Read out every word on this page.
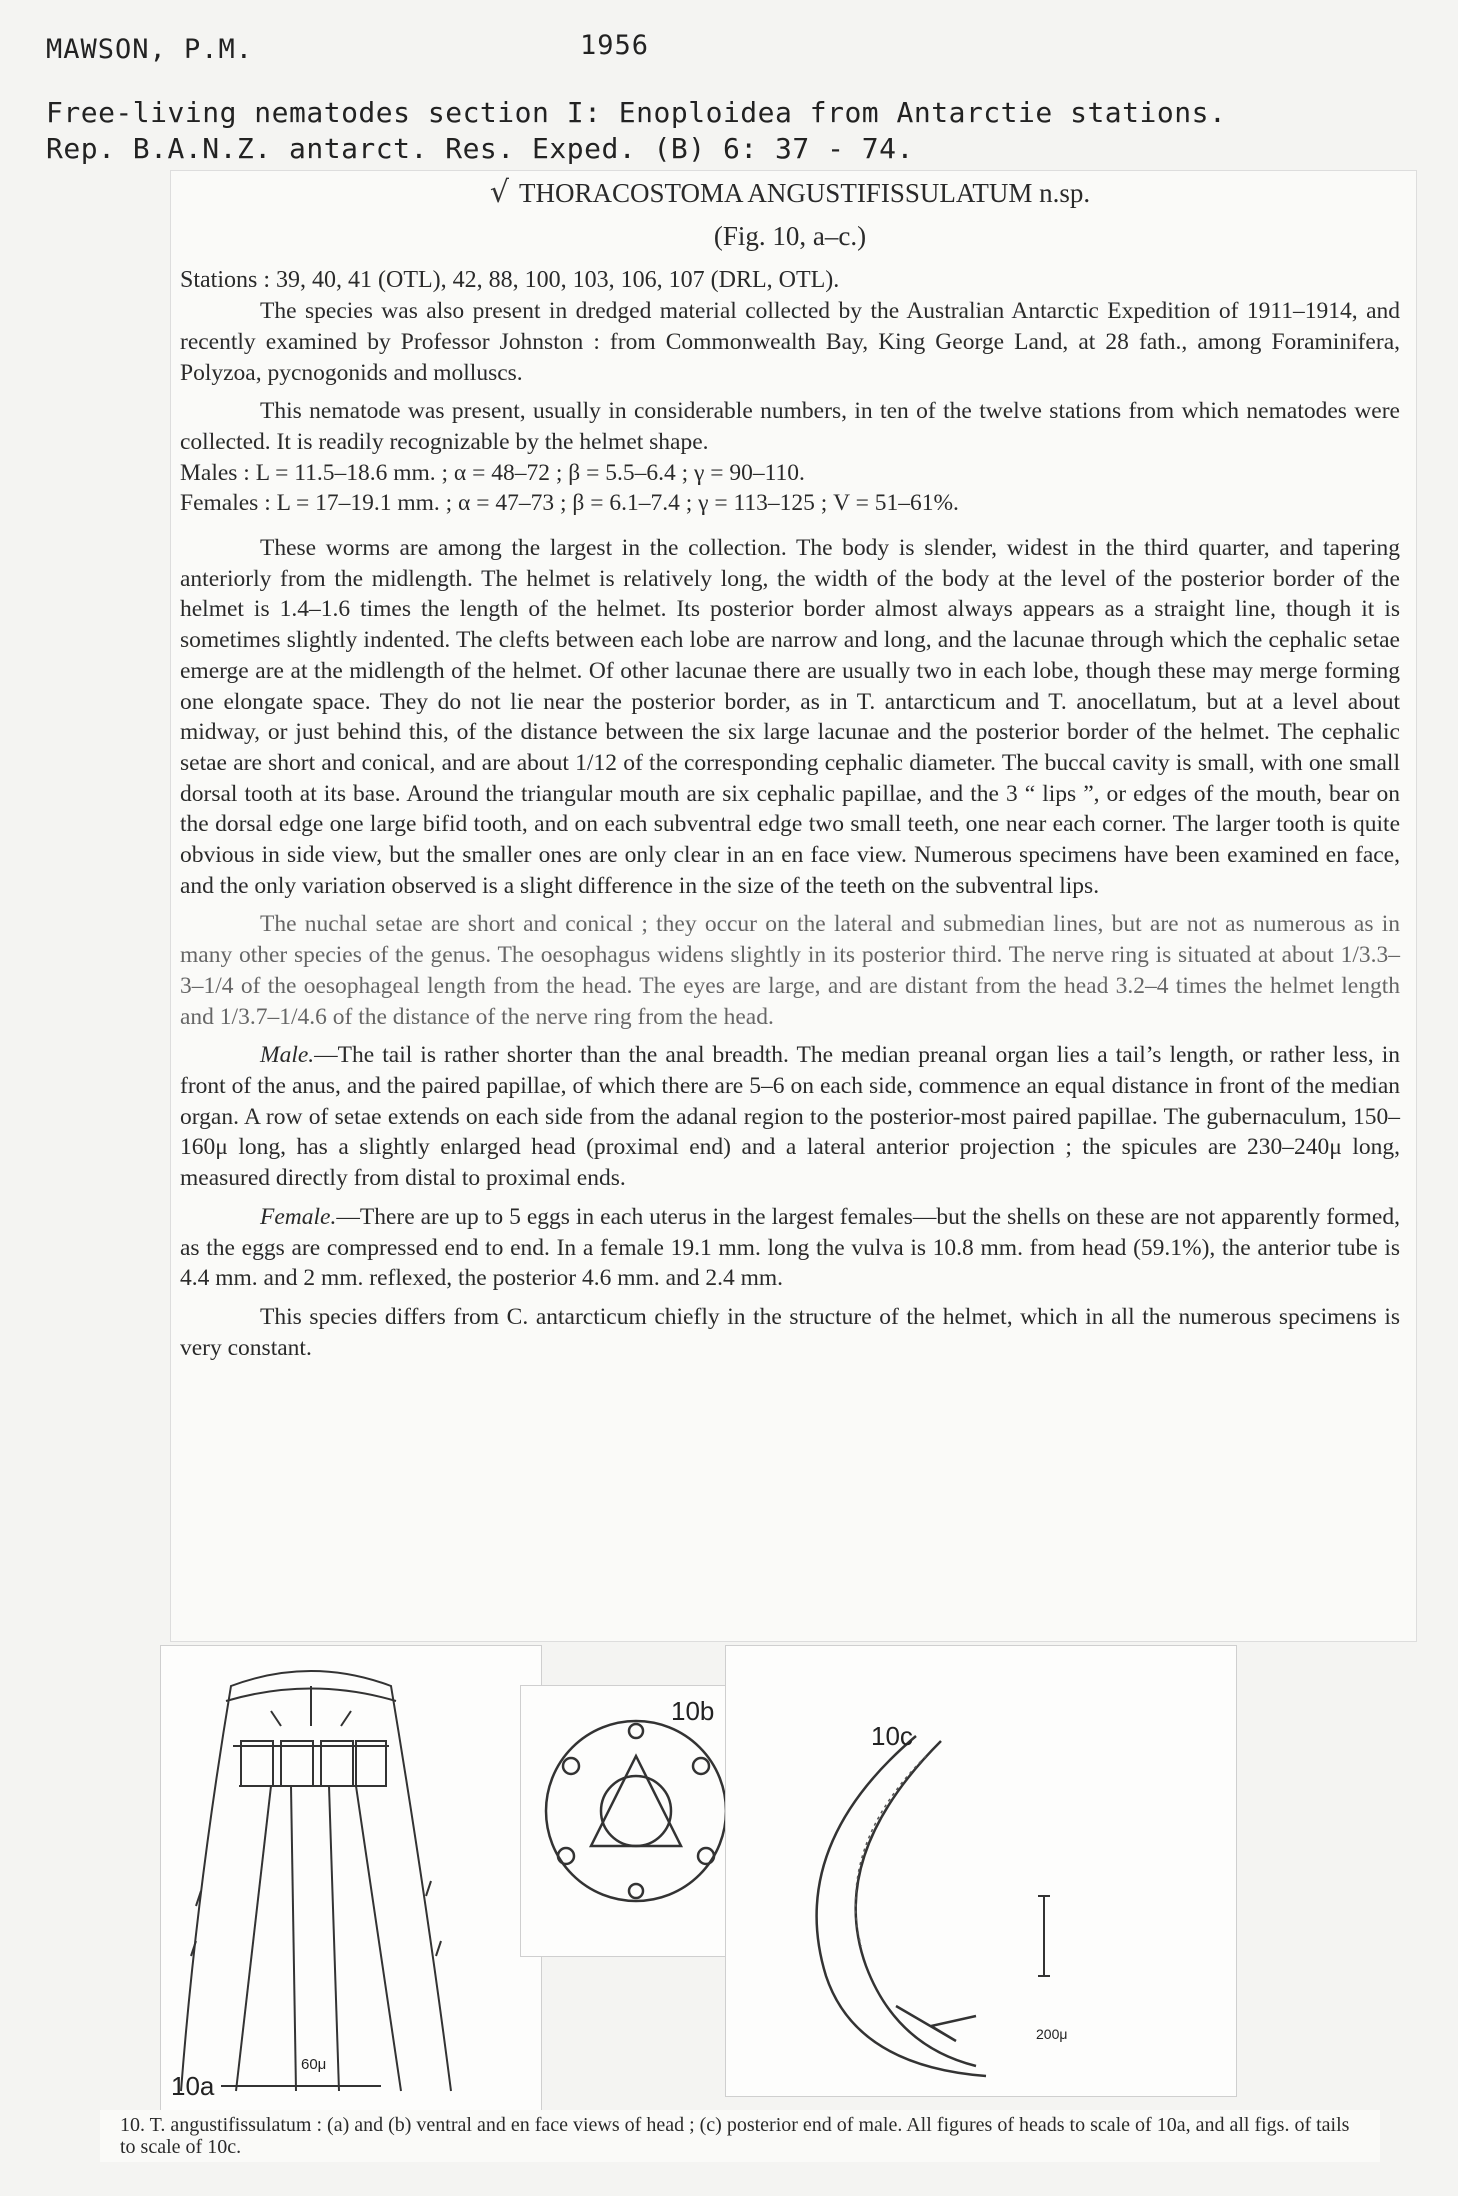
MAWSON, P.M.	1956
Free-living nematodes section I: Enoploidea from Antarctie stations.
Rep. B.A.N.Z. antarct. Res. Exped. (B) 6: 37 - 74.
√ THORACOSTOMA ANGUSTIFISSULATUM n.sp.
(Fig. 10, a–c.)

Stations : 39, 40, 41 (OTL), 42, 88, 100, 103, 106, 107 (DRL, OTL).

The species was also present in dredged material collected by the Australian Antarctic Expedition of 1911–1914, and recently examined by Professor Johnston : from Commonwealth Bay, King George Land, at 28 fath., among Foraminifera, Polyzoa, pycnogonids and molluscs.

This nematode was present, usually in considerable numbers, in ten of the twelve stations from which nematodes were collected. It is readily recognizable by the helmet shape.

Males : L = 11.5–18.6 mm. ; α = 48–72 ; β = 5.5–6.4 ; γ = 90–110.

Females : L = 17–19.1 mm. ; α = 47–73 ; β = 6.1–7.4 ; γ = 113–125 ; V = 51–61%.

These worms are among the largest in the collection. The body is slender, widest in the third quarter, and tapering anteriorly from the midlength. The helmet is relatively long, the width of the body at the level of the posterior border of the helmet is 1.4–1.6 times the length of the helmet. Its posterior border almost always appears as a straight line, though it is sometimes slightly indented. The clefts between each lobe are narrow and long, and the lacunae through which the cephalic setae emerge are at the midlength of the helmet. Of other lacunae there are usually two in each lobe, though these may merge forming one elongate space. They do not lie near the posterior border, as in T. antarcticum and T. anocellatum, but at a level about midway, or just behind this, of the distance between the six large lacunae and the posterior border of the helmet. The cephalic setae are short and conical, and are about 1/12 of the corresponding cephalic diameter. The buccal cavity is small, with one small dorsal tooth at its base. Around the triangular mouth are six cephalic papillae, and the 3 “ lips ”, or edges of the mouth, bear on the dorsal edge one large bifid tooth, and on each subventral edge two small teeth, one near each corner. The larger tooth is quite obvious in side view, but the smaller ones are only clear in an en face view. Numerous specimens have been examined en face, and the only variation observed is a slight difference in the size of the teeth on the subventral lips.

The nuchal setae are short and conical ; they occur on the lateral and submedian lines, but are not as numerous as in many other species of the genus. The oesophagus widens slightly in its posterior third. The nerve ring is situated at about 1/3.3–3–1/4 of the oesophageal length from the head. The eyes are large, and are distant from the head 3.2–4 times the helmet length and 1/3.7–1/4.6 of the distance of the nerve ring from the head.

Male.—The tail is rather shorter than the anal breadth. The median preanal organ lies a tail’s length, or rather less, in front of the anus, and the paired papillae, of which there are 5–6 on each side, commence an equal distance in front of the median organ. A row of setae extends on each side from the adanal region to the posterior-most paired papillae. The gubernaculum, 150–160μ long, has a slightly enlarged head (proximal end) and a lateral anterior projection ; the spicules are 230–240μ long, measured directly from distal to proximal ends.

Female.—There are up to 5 eggs in each uterus in the largest females—but the shells on these are not apparently formed, as the eggs are compressed end to end. In a female 19.1 mm. long the vulva is 10.8 mm. from head (59.1%), the anterior tube is 4.4 mm. and 2 mm. reflexed, the posterior 4.6 mm. and 2.4 mm.

This species differs from C. antarcticum chiefly in the structure of the helmet, which in all the numerous specimens is very constant.

10a
60μ
10b
10c
200μ
10. T. angustifissulatum : (a) and (b) ventral and en face views of head ; (c) posterior end of male. All figures of heads to scale of 10a, and all figs. of tails to scale of 10c.
